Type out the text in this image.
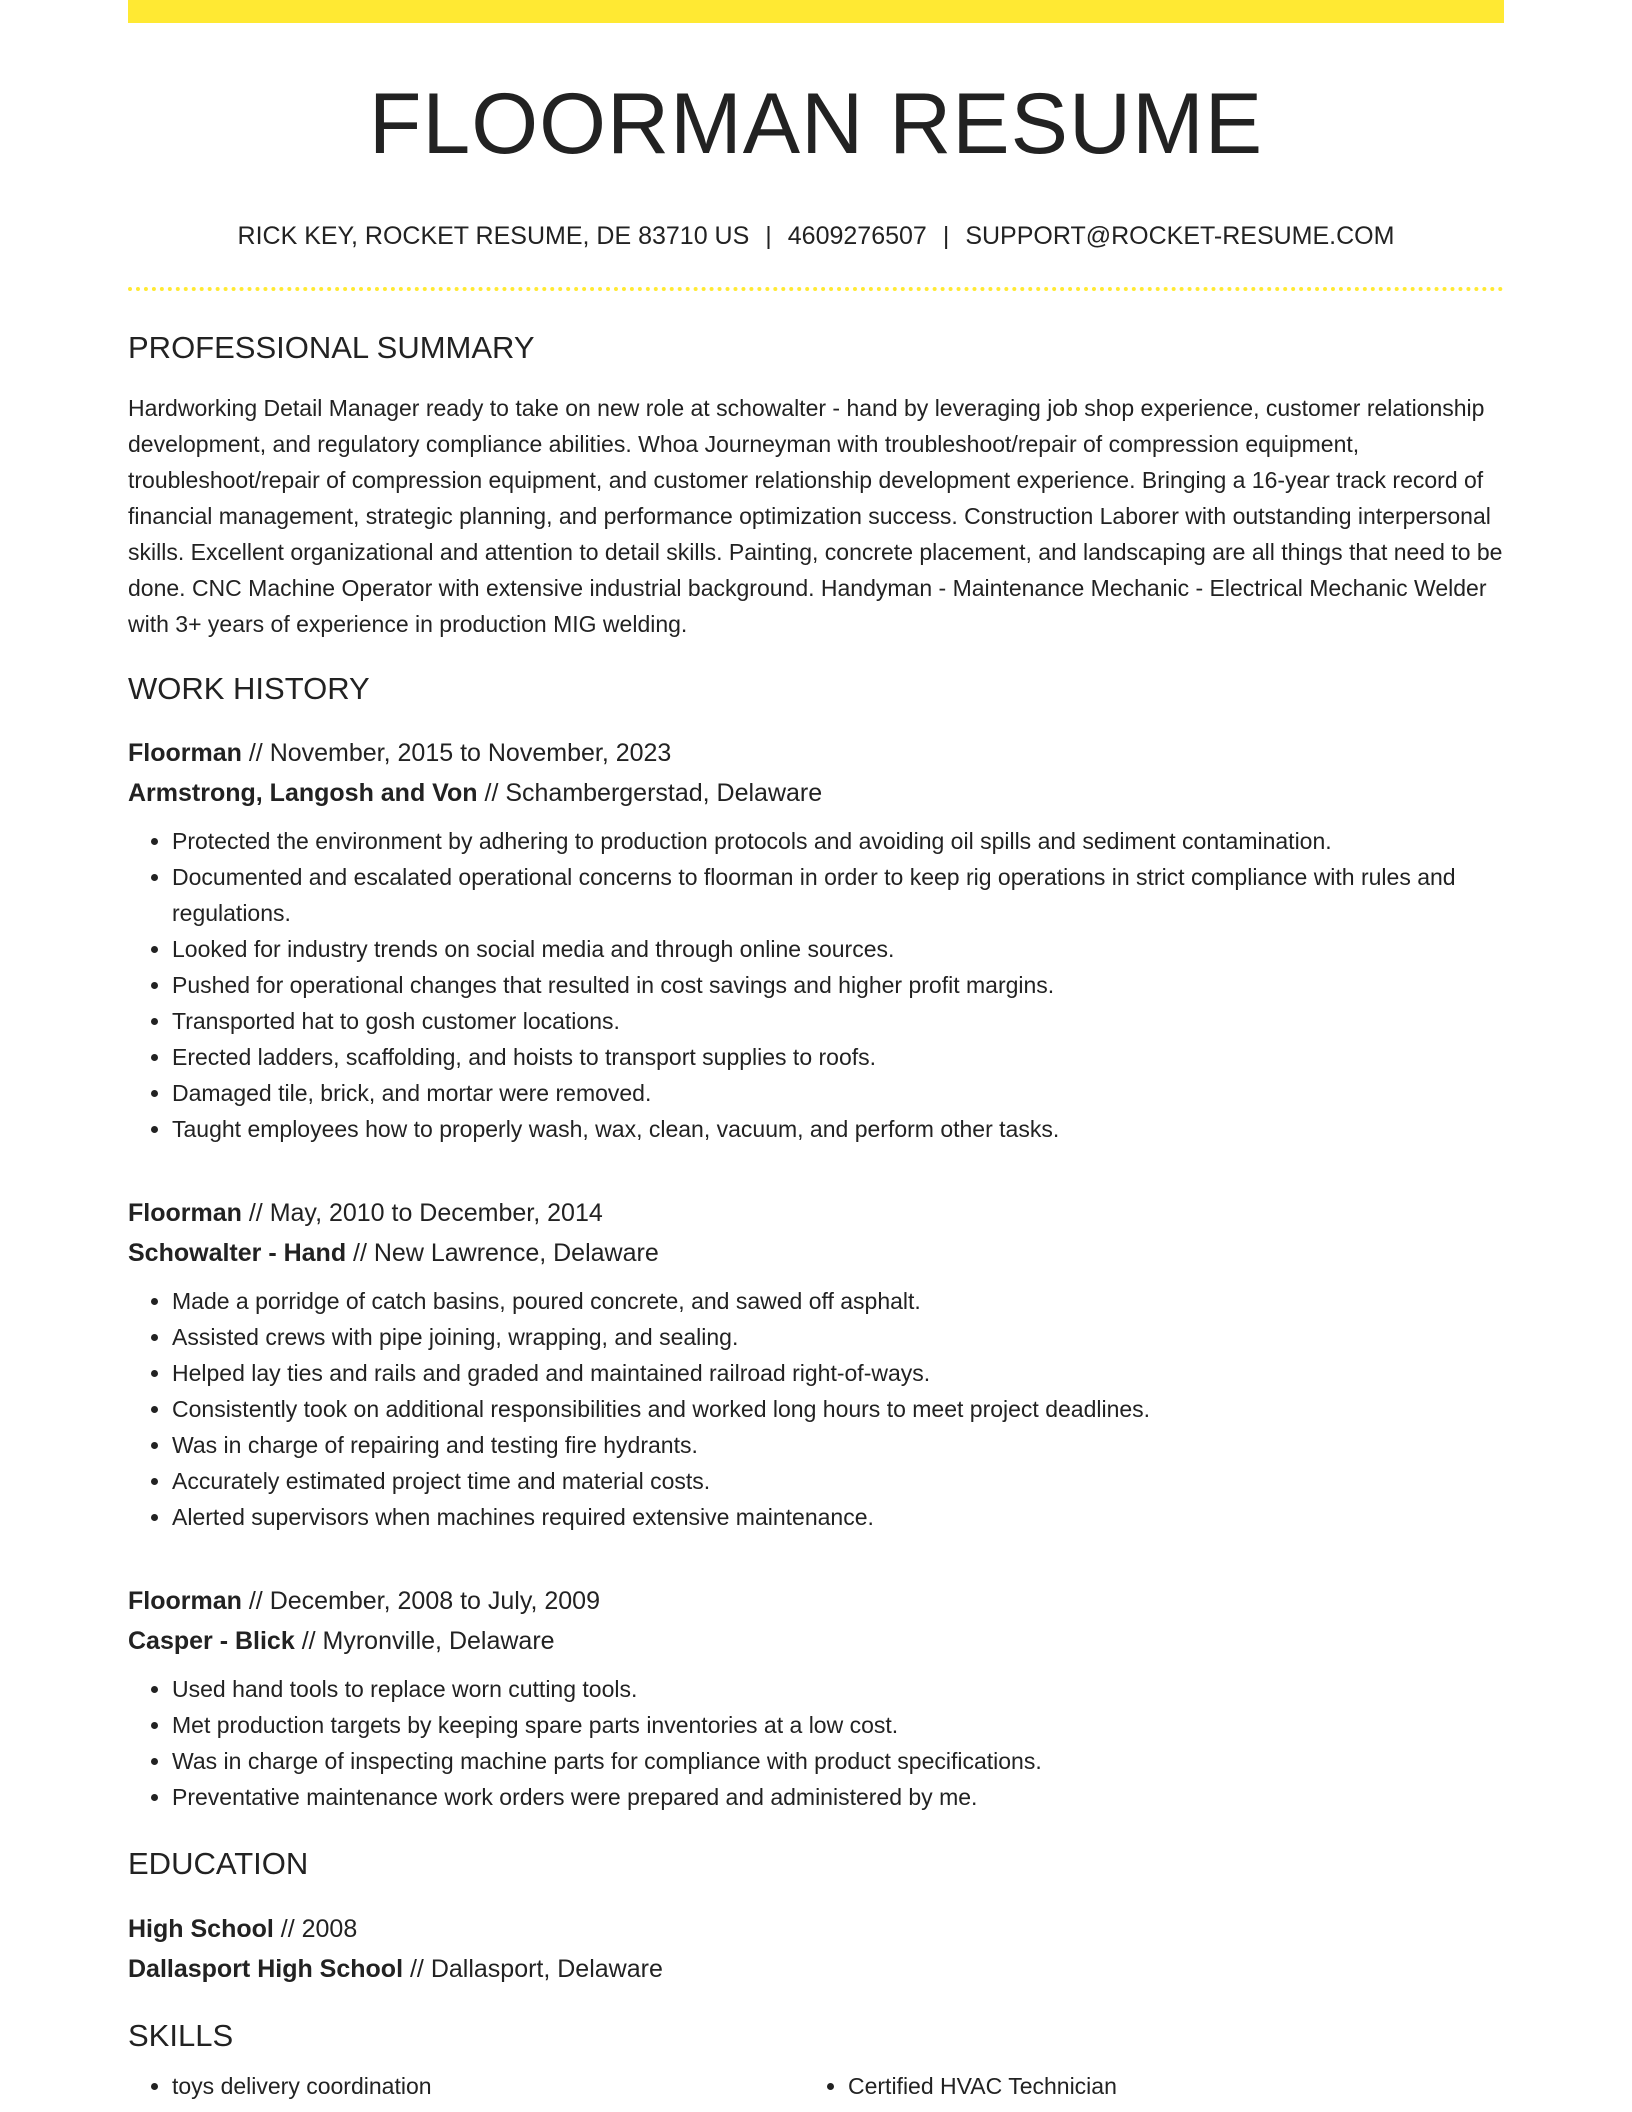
FLOORMAN RESUME
RICK KEY, ROCKET RESUME, DE 83710 US | 4609276507 | SUPPORT@ROCKET-RESUME.COM
PROFESSIONAL SUMMARY
Hardworking Detail Manager ready to take on new role at schowalter - hand by leveraging job shop experience, customer relationship development, and regulatory compliance abilities. Whoa Journeyman with troubleshoot/repair of compression equipment, troubleshoot/repair of compression equipment, and customer relationship development experience. Bringing a 16-year track record of financial management, strategic planning, and performance optimization success. Construction Laborer with outstanding interpersonal skills. Excellent organizational and attention to detail skills. Painting, concrete placement, and landscaping are all things that need to be done. CNC Machine Operator with extensive industrial background. Handyman - Maintenance Mechanic - Electrical Mechanic Welder with 3+ years of experience in production MIG welding.
WORK HISTORY
Floorman // November, 2015 to November, 2023
Armstrong, Langosh and Von // Schambergerstad, Delaware
• Protected the environment by adhering to production protocols and avoiding oil spills and sediment contamination.
• Documented and escalated operational concerns to floorman in order to keep rig operations in strict compliance with rules and regulations.
• Looked for industry trends on social media and through online sources.
• Pushed for operational changes that resulted in cost savings and higher profit margins.
• Transported hat to gosh customer locations.
• Erected ladders, scaffolding, and hoists to transport supplies to roofs.
• Damaged tile, brick, and mortar were removed.
• Taught employees how to properly wash, wax, clean, vacuum, and perform other tasks.
Floorman // May, 2010 to December, 2014
Schowalter - Hand // New Lawrence, Delaware
• Made a porridge of catch basins, poured concrete, and sawed off asphalt.
• Assisted crews with pipe joining, wrapping, and sealing.
• Helped lay ties and rails and graded and maintained railroad right-of-ways.
• Consistently took on additional responsibilities and worked long hours to meet project deadlines.
• Was in charge of repairing and testing fire hydrants.
• Accurately estimated project time and material costs.
• Alerted supervisors when machines required extensive maintenance.
Floorman // December, 2008 to July, 2009
Casper - Blick // Myronville, Delaware
• Used hand tools to replace worn cutting tools.
• Met production targets by keeping spare parts inventories at a low cost.
• Was in charge of inspecting machine parts for compliance with product specifications.
• Preventative maintenance work orders were prepared and administered by me.
EDUCATION
High School // 2008
Dallasport High School // Dallasport, Delaware
SKILLS
• toys delivery coordination
•	Certified HVAC Technician
